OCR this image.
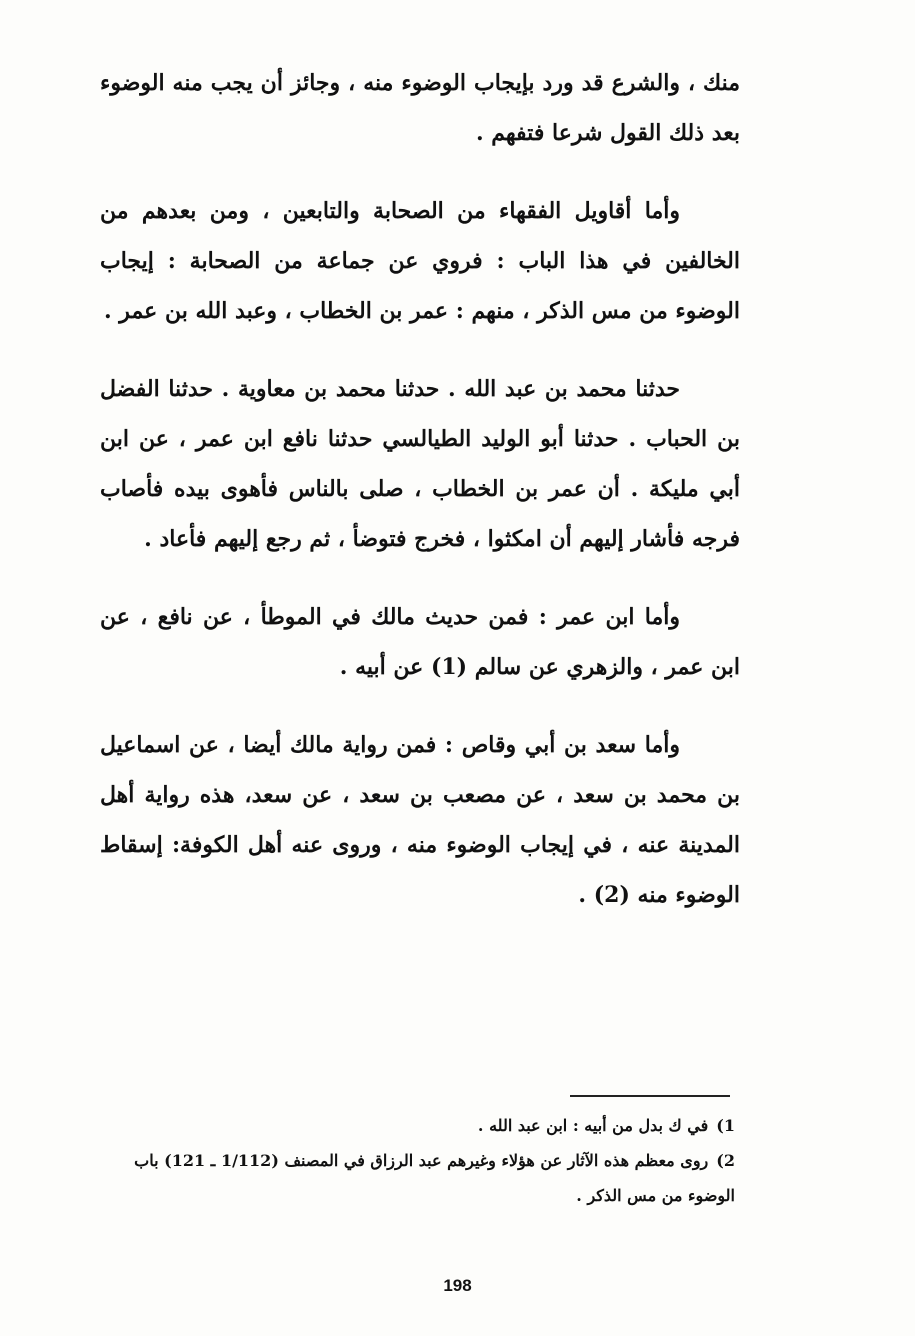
منك ، والشرع قد ورد بإيجاب الوضوء منه ، وجائز أن يجب منه الوضوء بعد ذلك القول شرعا فتفهم .

وأما أقاويل الفقهاء من الصحابة والتابعين ، ومن بعدهم من الخالفين في هذا الباب : فروي عن جماعة من الصحابة : إيجاب الوضوء من مس الذكر ، منهم : عمر بن الخطاب ، وعبد الله بن عمر .

حدثنا محمد بن عبد الله . حدثنا محمد بن معاوية . حدثنا الفضل بن الحباب . حدثنا أبو الوليد الطيالسي حدثنا نافع ابن عمر ، عن ابن أبي مليكة . أن عمر بن الخطاب ، صلى بالناس فأهوى بيده فأصاب فرجه فأشار إليهم أن امكثوا ، فخرج فتوضأ ، ثم رجع إليهم فأعاد .

وأما ابن عمر : فمن حديث مالك في الموطأ ، عن نافع ، عن ابن عمر ، والزهري عن سالم (1) عن أبيه .

وأما سعد بن أبي وقاص : فمن رواية مالك أيضا ، عن اسماعيل بن محمد بن سعد ، عن مصعب بن سعد ، عن سعد، هذه رواية أهل المدينة عنه ، في إيجاب الوضوء منه ، وروى عنه أهل الكوفة: إسقاط الوضوء منه (2) .

1)في ك بدل من أبيه : ابن عبد الله .

2)روى معظم هذه الآثار عن هؤلاء وغيرهم عبد الرزاق في المصنف (1/112 ـ 121) باب الوضوء من مس الذكر .

198
